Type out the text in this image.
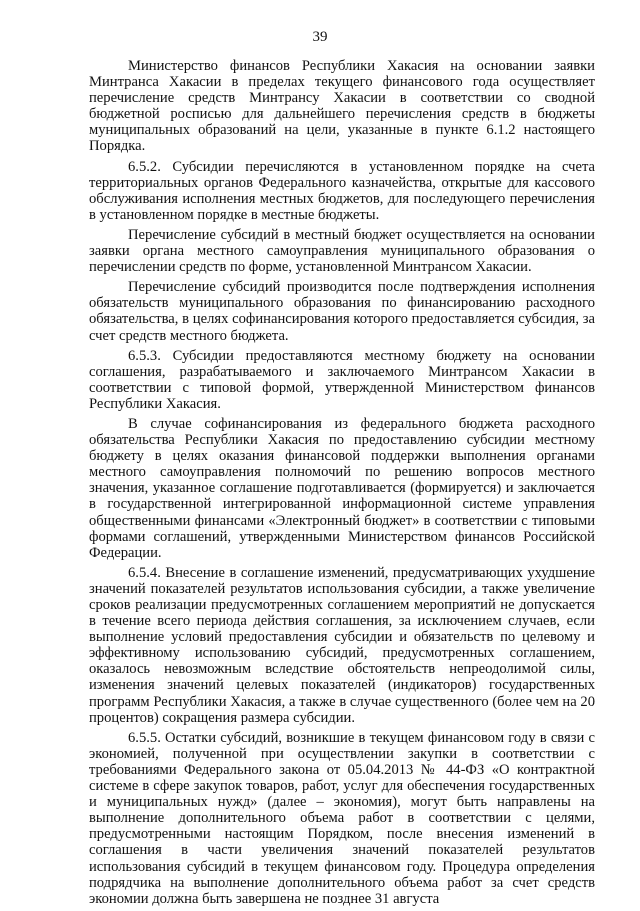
39

Министерство финансов Республики Хакасия на основании заявки Минтранса Хакасии в пределах текущего финансового года осуществляет перечисление средств Минтрансу Хакасии в соответствии со сводной бюджетной росписью для дальнейшего перечисления средств в бюджеты муниципальных образований на цели, указанные в пункте 6.1.2 настоящего Порядка.

6.5.2. Субсидии перечисляются в установленном порядке на счета территориальных органов Федерального казначейства, открытые для кассового обслуживания исполнения местных бюджетов, для последующего перечисления в установленном порядке в местные бюджеты.

Перечисление субсидий в местный бюджет осуществляется на основании заявки органа местного самоуправления муниципального образования о перечислении средств по форме, установленной Минтрансом Хакасии.

Перечисление субсидий производится после подтверждения исполнения обязательств муниципального образования по финансированию расходного обязательства, в целях софинансирования которого предоставляется субсидия, за счет средств местного бюджета.

6.5.3. Субсидии предоставляются местному бюджету на основании соглашения, разрабатываемого и заключаемого Минтрансом Хакасии в соответствии с типовой формой, утвержденной Министерством финансов Республики Хакасия.

В случае софинансирования из федерального бюджета расходного обязательства Республики Хакасия по предоставлению субсидии местному бюджету в целях оказания финансовой поддержки выполнения органами местного самоуправления полномочий по решению вопросов местного значения, указанное соглашение подготавливается (формируется) и заключается в государственной интегрированной информационной системе управления общественными финансами «Электронный бюджет» в соответствии с типовыми формами соглашений, утвержденными Министерством финансов Российской Федерации.

6.5.4. Внесение в соглашение изменений, предусматривающих ухудшение значений показателей результатов использования субсидии, а также увеличение сроков реализации предусмотренных соглашением мероприятий не допускается в течение всего периода действия соглашения, за исключением случаев, если выполнение условий предоставления субсидии и обязательств по целевому и эффективному использованию субсидий, предусмотренных соглашением, оказалось невозможным вследствие обстоятельств непреодолимой силы, изменения значений целевых показателей (индикаторов) государственных программ Республики Хакасия, а также в случае существенного (более чем на 20 процентов) сокращения размера субсидии.

6.5.5. Остатки субсидий, возникшие в текущем финансовом году в связи с экономией, полученной при осуществлении закупки в соответствии с требованиями Федерального закона от 05.04.2013 № 44-ФЗ «О контрактной системе в сфере закупок товаров, работ, услуг для обеспечения государственных и муниципальных нужд» (далее – экономия), могут быть направлены на выполнение дополнительного объема работ в соответствии с целями, предусмотренными настоящим Порядком, после внесения изменений в соглашения в части увеличения значений показателей результатов использования субсидий в текущем финансовом году. Процедура определения подрядчика на выполнение дополнительного объема работ за счет средств экономии должна быть завершена не позднее 31 августа
